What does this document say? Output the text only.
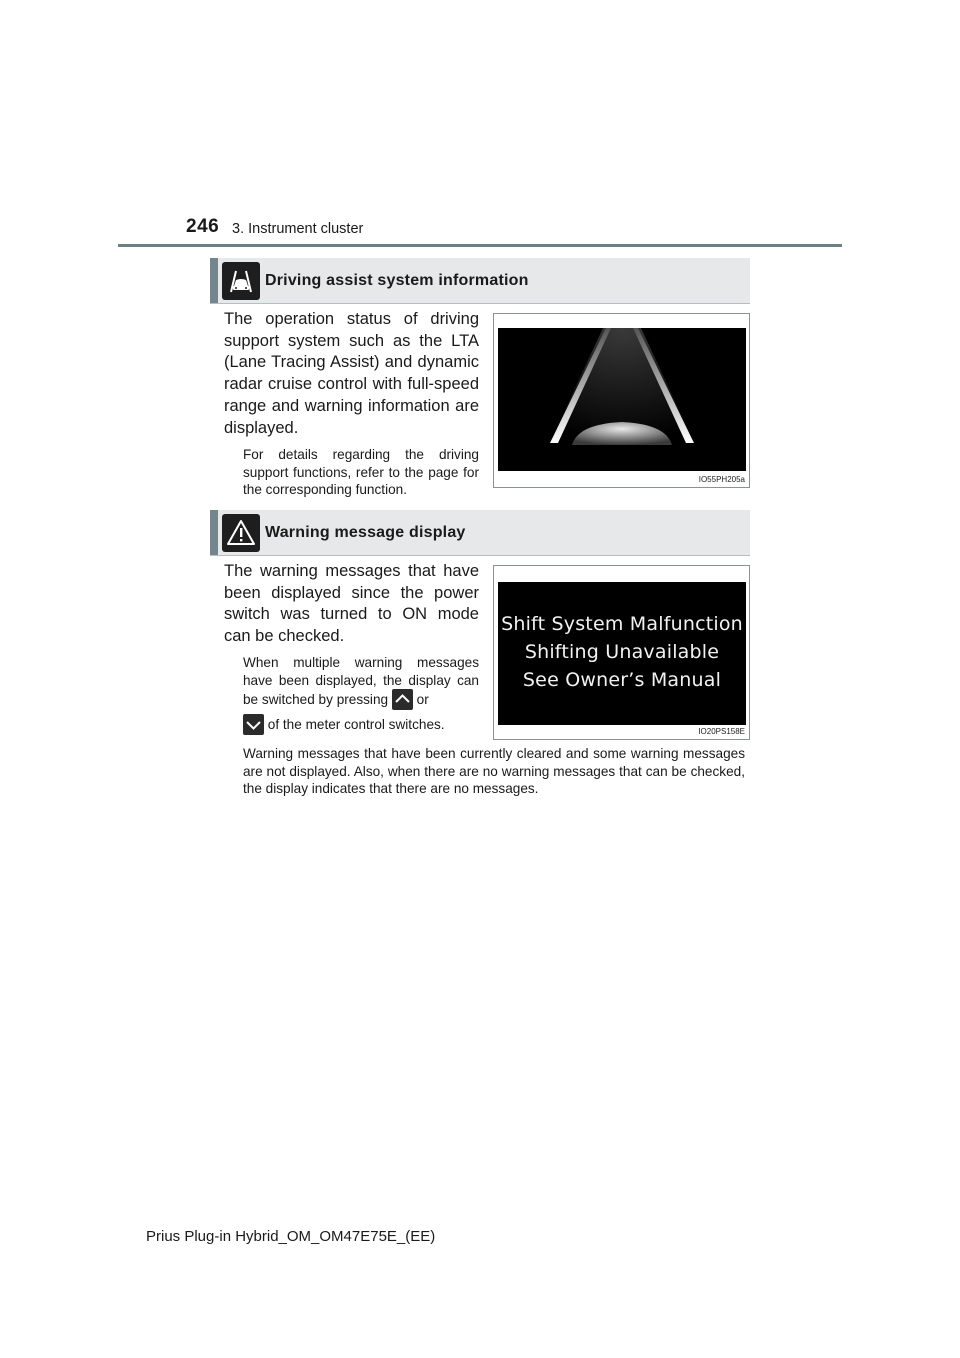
246 3. Instrument cluster
Driving assist system information
The operation status of driving support system such as the LTA (Lane Tracing Assist) and dynamic radar cruise control with full-speed range and warning information are displayed.
For details regarding the driving support functions, refer to the page for the corresponding function.
IO55PH205a
Warning message display
The warning messages that have been displayed since the power switch was turned to ON mode can be checked.
When multiple warning messages have been displayed, the display can be switched by pressing or

of the meter control switches.
Warning messages that have been currently cleared and some warning messages are not displayed. Also, when there are no warning messages that can be checked, the display indicates that there are no messages.
Shift System Malfunction
Shifting Unavailable
See Owner’s Manual
IO20PS158E
Prius Plug-in Hybrid_OM_OM47E75E_(EE)
